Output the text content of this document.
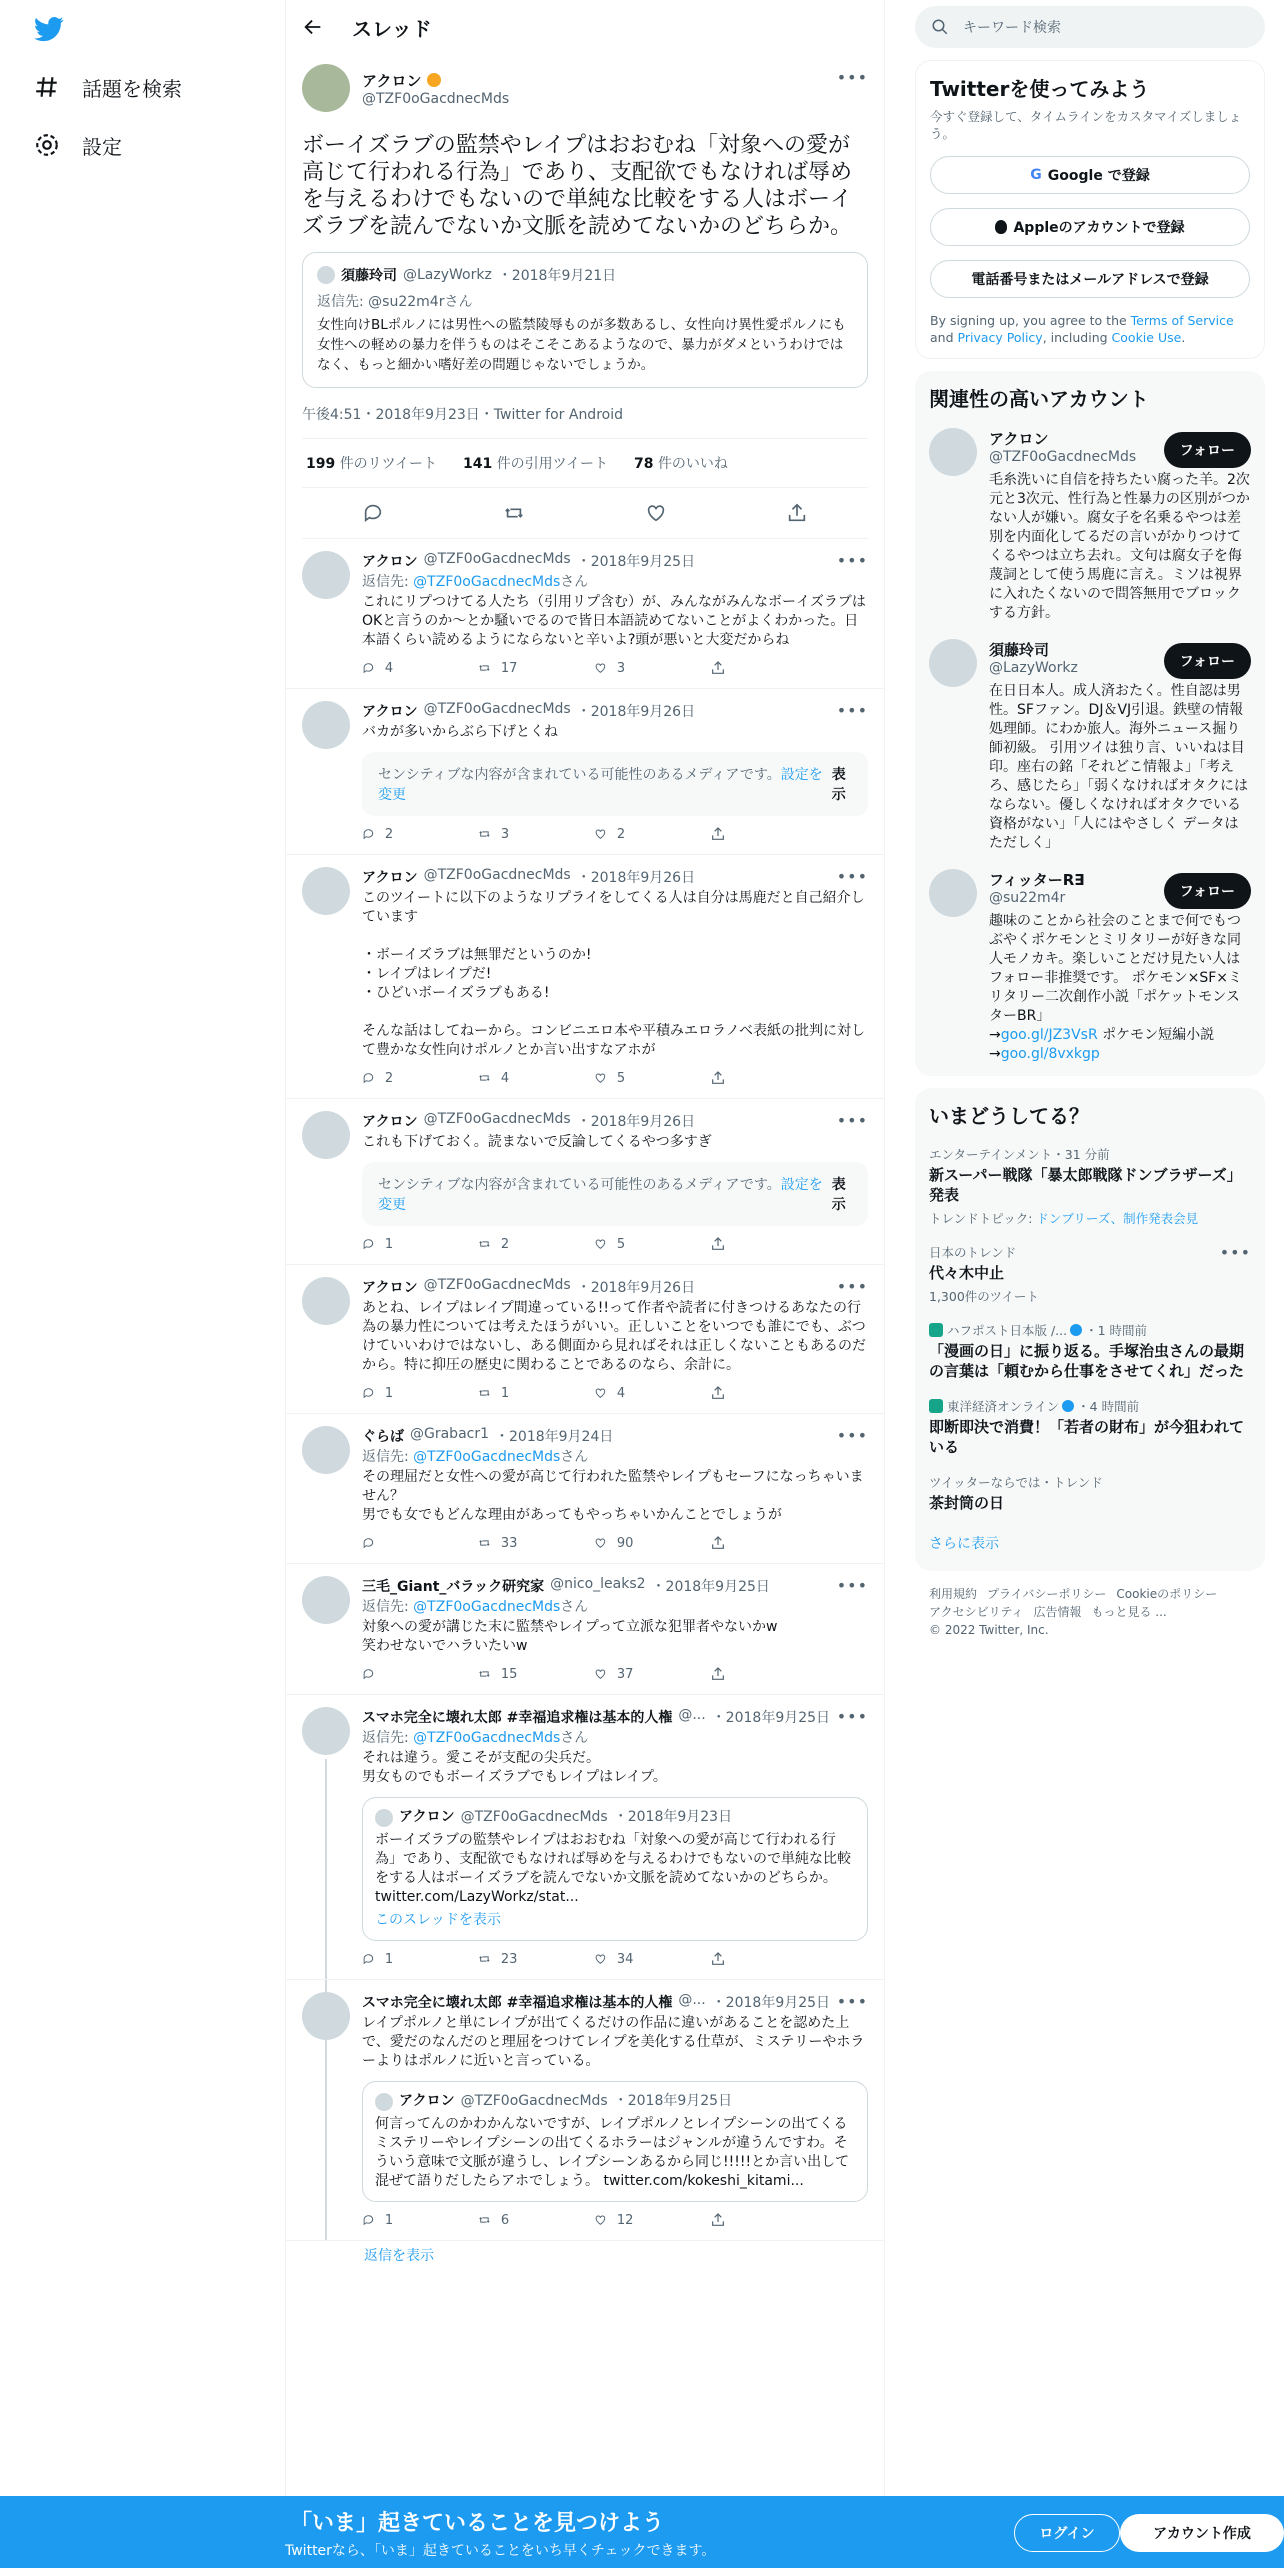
話題を検索
設定
スレッド
アクロン
@TZF0oGacdnecMds
•••
ボーイズラブの監禁やレイプはおおむね「対象への愛が高じて行われる行為」であり、支配欲でもなければ辱めを与えるわけでもないので単純な比較をする人はボーイズラブを読んでないか文脈を読めてないかのどちらか。
須藤玲司 @LazyWorkz ・2018年9月21日
返信先: @su22m4rさん
女性向けBLポルノには男性への監禁陵辱ものが多数あるし、女性向け異性愛ポルノにも女性への軽めの暴力を伴うものはそこそこあるようなので、暴力がダメというわけではなく、もっと細かい嗜好差の問題じゃないでしょうか。
午後4:51・2018年9月23日・Twitter for Android
199 件のリツイート 141 件の引用ツイート 78 件のいいね
アクロン @TZF0oGacdnecMds ・2018年9月25日	•••
返信先: @TZF0oGacdnecMdsさん
これにリプつけてる人たち（引用リプ含む）が、みんながみんなボーイズラブはOKと言うのか〜とか騒いでるので皆日本語読めてないことがよくわかった。日本語くらい読めるようにならないと辛いよ?頭が悪いと大変だからね
4	17	3
アクロン @TZF0oGacdnecMds ・2018年9月26日	•••
バカが多いからぶら下げとくね
センシティブな内容が含まれている可能性のあるメディアです。設定を変更
表示
2	3	2
アクロン @TZF0oGacdnecMds ・2018年9月26日	•••
このツイートに以下のようなリプライをしてくる人は自分は馬鹿だと自己紹介しています

・ボーイズラブは無罪だというのか!
・レイプはレイプだ!
・ひどいボーイズラブもある!

そんな話はしてねーから。コンビニエロ本や平積みエロラノベ表紙の批判に対して豊かな女性向けポルノとか言い出すなアホが
2	4	5
アクロン @TZF0oGacdnecMds ・2018年9月26日	•••
これも下げておく。読まないで反論してくるやつ多すぎ
センシティブな内容が含まれている可能性のあるメディアです。設定を変更
表示
1	2	5
アクロン @TZF0oGacdnecMds ・2018年9月26日	•••
あとね、レイプはレイプ間違っている!!って作者や読者に付きつけるあなたの行為の暴力性については考えたほうがいい。正しいことをいつでも誰にでも、ぶつけていいわけではないし、ある側面から見ればそれは正しくないこともあるのだから。特に抑圧の歴史に関わることであるのなら、余計に。
1	1	4
ぐらば @Grabacr1 ・2018年9月24日	•••
返信先: @TZF0oGacdnecMdsさん
その理屈だと女性への愛が高じて行われた監禁やレイプもセーフになっちゃいません？
男でも女でもどんな理由があってもやっちゃいかんことでしょうが
33	90
三毛_Giant_バラック研究家 @nico_leaks2 ・2018年9月25日	•••
返信先: @TZF0oGacdnecMdsさん
対象への愛が講じた末に監禁やレイプって立派な犯罪者やないかw
笑わせないでハラいたいw
15	37
スマホ完全に壊れ太郎 #幸福追求権は基本的人権 @... ・2018年9月25日 •••
返信先: @TZF0oGacdnecMdsさん
それは違う。愛こそが支配の尖兵だ。
男女ものでもボーイズラブでもレイプはレイプ。
アクロン @TZF0oGacdnecMds ・2018年9月23日
ボーイズラブの監禁やレイプはおおむね「対象への愛が高じて行われる行為」であり、支配欲でもなければ辱めを与えるわけでもないので単純な比較をする人はボーイズラブを読んでないか文脈を読めてないかのどちらか。 twitter.com/LazyWorkz/stat...
このスレッドを表示
1	23	34
スマホ完全に壊れ太郎 #幸福追求権は基本的人権 @... ・2018年9月25日 •••
レイプポルノと単にレイプが出てくるだけの作品に違いがあることを認めた上で、愛だのなんだのと理屈をつけてレイプを美化する仕草が、ミステリーやホラーよりはポルノに近いと言っている。
アクロン @TZF0oGacdnecMds ・2018年9月25日
何言ってんのかわかんないですが、レイプポルノとレイプシーンの出てくるミステリーやレイプシーンの出てくるホラーはジャンルが違うんですわ。そういう意味で文脈が違うし、レイプシーンあるから同じ!!!!!とか言い出して混ぜて語りだしたらアホでしょう。 twitter.com/kokeshi_kitami...
1	6	12
返信を表示
キーワード検索
Twitterを使ってみよう
今すぐ登録して、タイムラインをカスタマイズしましょう。
G Google で登録
Appleのアカウントで登録
電話番号またはメールアドレスで登録
By signing up, you agree to the Terms of Service and Privacy Policy, including Cookie Use.
関連性の高いアカウント
アクロン
@TZF0oGacdnecMds
毛糸洗いに自信を持ちたい腐った羊。2次元と3次元、性行為と性暴力の区別がつかない人が嫌い。腐女子を名乗るやつは差別を内面化してるだの言いがかりつけてくるやつは立ち去れ。文句は腐女子を侮蔑詞として使う馬鹿に言え。ミソは視界に入れたくないので問答無用でブロックする方針。
フォロー
須藤玲司
@LazyWorkz
在日日本人。成人済おたく。性自認は男性。SFファン。DJ＆VJ引退。鉄壁の情報処理師。にわか旅人。海外ニュース掘り師初級。 引用ツイは独り言、いいねは目印。座右の銘「それどこ情報よ」「考えろ、感じたら」「弱くなければオタクにはならない。優しくなければオタクでいる資格がない」「人にはやさしく データはただしく」
フォロー
フィッターR∃
@su22m4r
趣味のことから社会のことまで何でもつぶやくポケモンとミリタリーが好きな同人モノカキ。楽しいことだけ見たい人はフォロー非推奨です。 ポケモン×SF×ミリタリー二次創作小説「ポケットモンスターBR」
→goo.gl/JZ3VsR ポケモン短編小説
→goo.gl/8vxkgp
フォロー
いまどうしてる？
エンターテインメント・31 分前
新スーパー戦隊「暴太郎戦隊ドンブラザーズ」発表
トレンドトピック: ドンブリーズ、制作発表会見
日本のトレンド	•••
代々木中止
1,300件のツイート
ハフポスト日本版 /... ・1 時間前
「漫画の日」に振り返る。手塚治虫さんの最期の言葉は「頼むから仕事をさせてくれ」だった
東洋経済オンライン ・4 時間前
即断即決で消費！「若者の財布」が今狙われている
ツイッターならでは・トレンド
茶封筒の日
さらに表示
利用規約 プライバシーポリシー Cookieのポリシーアクセシビリティ 広告情報 もっと見る ...© 2022 Twitter, Inc.
「いま」起きていることを見つけよう
Twitterなら、「いま」起きていることをいち早くチェックできます。
ログイン	アカウント作成
